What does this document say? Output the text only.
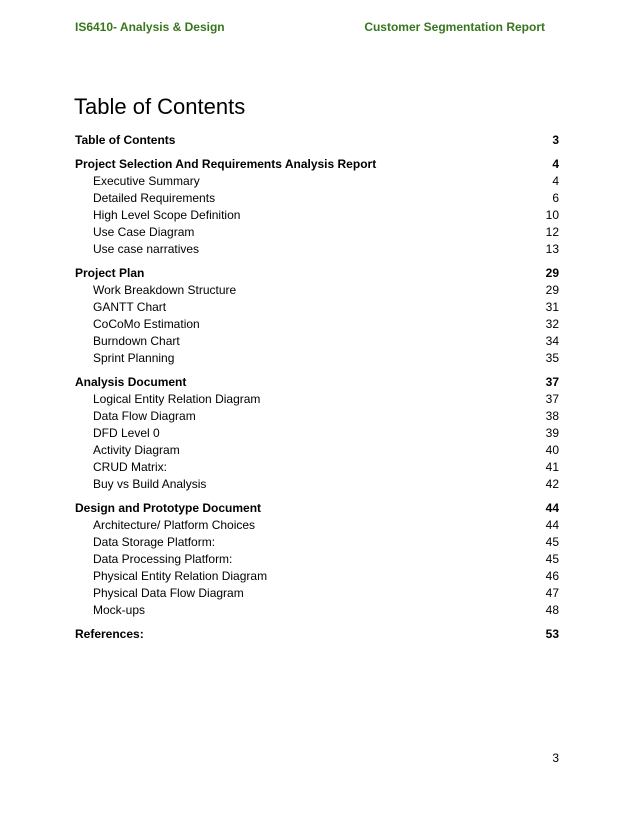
IS6410- Analysis & Design	Customer Segmentation Report
Table of Contents
Table of Contents	3
Project Selection And Requirements Analysis Report	4
Executive Summary	4
Detailed Requirements	6
High Level Scope Definition	10
Use Case Diagram	12
Use case narratives	13
Project Plan	29
Work Breakdown Structure	29
GANTT Chart	31
CoCoMo Estimation	32
Burndown Chart	34
Sprint Planning	35
Analysis Document	37
Logical Entity Relation Diagram	37
Data Flow Diagram	38
DFD Level 0	39
Activity Diagram	40
CRUD Matrix:	41
Buy vs Build Analysis	42
Design and Prototype Document	44
Architecture/ Platform Choices	44
Data Storage Platform:	45
Data Processing Platform:	45
Physical Entity Relation Diagram	46
Physical Data Flow Diagram	47
Mock-ups	48
References:	53
3
